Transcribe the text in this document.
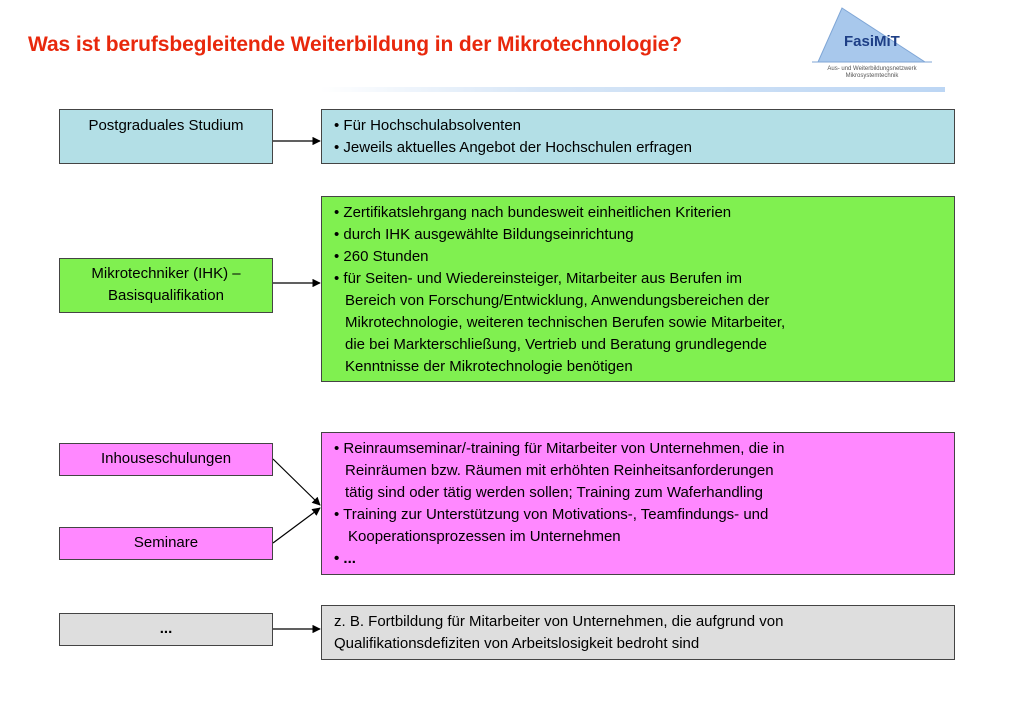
Was ist berufsbegleitende Weiterbildung in der Mikrotechnologie?	FasiMiT
Aus- und Weiterbildungsnetzwerk
Mikrosystemtechnik
Postgraduales Studium	• Für Hochschulabsolventen
• Jeweils aktuelles Angebot der Hochschulen erfragen
Mikrotechniker (IHK) –
Basisqualifikation
• Zertifikatslehrgang nach bundesweit einheitlichen Kriterien
• durch IHK ausgewählte Bildungseinrichtung
• 260 Stunden
• für Seiten- und Wiedereinsteiger, Mitarbeiter aus Berufen im
Bereich von Forschung/Entwicklung, Anwendungsbereichen der
Mikrotechnologie, weiteren technischen Berufen sowie Mitarbeiter,
die bei Markterschließung, Vertrieb und Beratung grundlegende
Kenntnisse der Mikrotechnologie benötigen
Inhouseschulungen
Seminare
• Reinraumseminar/-training für Mitarbeiter von Unternehmen, die in
Reinräumen bzw. Räumen mit erhöhten Reinheitsanforderungen
tätig sind oder tätig werden sollen; Training zum Waferhandling
• Training zur Unterstützung von Motivations-, Teamfindungs- und
Kooperationsprozessen im Unternehmen
• ...
...	z. B. Fortbildung für Mitarbeiter von Unternehmen, die aufgrund von
Qualifikationsdefiziten von Arbeitslosigkeit bedroht sind
